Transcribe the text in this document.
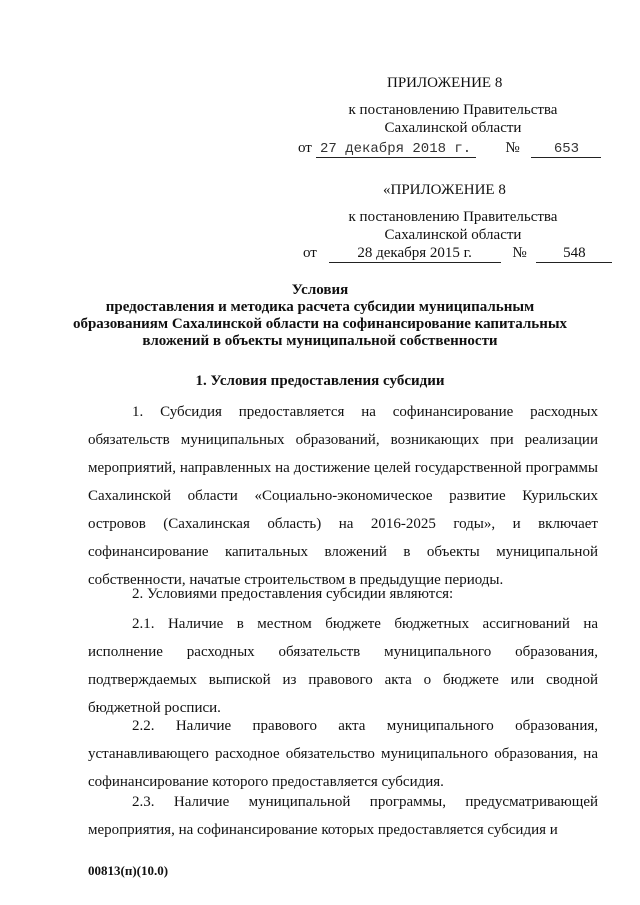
ПРИЛОЖЕНИЕ 8
к постановлению Правительства
Сахалинской области
от 27 декабря 2018 г. № 653
«ПРИЛОЖЕНИЕ 8
к постановлению Правительства
Сахалинской области
от	28 декабря 2015 г.	№ 548
Условия
предоставления и методика расчета субсидии муниципальным
образованиям Сахалинской области на софинансирование капитальных
вложений в объекты муниципальной собственности
1. Условия предоставления субсидии
1. Субсидия предоставляется на софинансирование расходных обязательств муниципальных образований, возникающих при реализации мероприятий, направленных на достижение целей государственной программы Сахалинской области «Социально-экономическое развитие Курильских островов (Сахалинская область) на 2016-2025 годы», и включает софинансирование капитальных вложений в объекты муниципальной собственности, начатые строительством в предыдущие периоды.
2. Условиями предоставления субсидии являются:
2.1. Наличие в местном бюджете бюджетных ассигнований на исполнение расходных обязательств муниципального образования, подтверждаемых выпиской из правового акта о бюджете или сводной бюджетной росписи.
2.2. Наличие правового акта муниципального образования, устанавливающего расходное обязательство муниципального образования, на софинансирование которого предоставляется субсидия.
2.3. Наличие муниципальной программы, предусматривающей мероприятия, на софинансирование которых предоставляется субсидия и
00813(п)(10.0)
